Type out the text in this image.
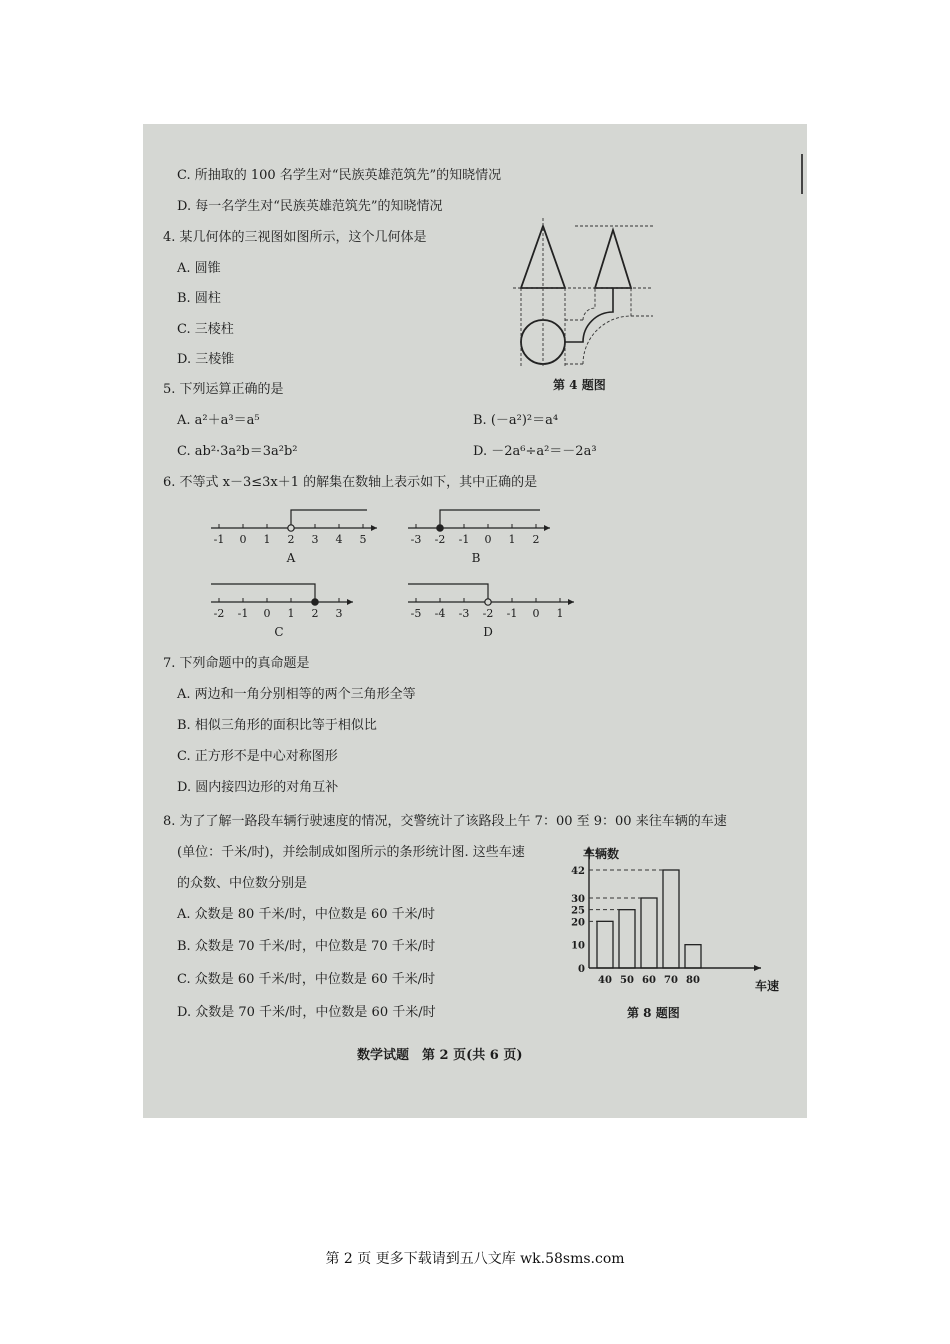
C. 所抽取的 100 名学生对“民族英雄范筑先”的知晓情况
D. 每一名学生对“民族英雄范筑先”的知晓情况
4. 某几何体的三视图如图所示，这个几何体是
A. 圆锥
B. 圆柱
C. 三棱柱
D. 三棱锥
第 4 题图
5. 下列运算正确的是
A. a²＋a³＝a⁵	B. (－a²)²＝a⁴
C. ab²·3a²b＝3a²b²	D. －2a⁶÷a²＝－2a³
6. 不等式 x－3≤3x＋1 的解集在数轴上表示如下，其中正确的是
-1 0 1 2 3 4 5
A
-3 -2 -1 0 1 2
B
-2 -1 0 1 2 3
C
-5 -4 -3 -2 -1 0 1
D
7. 下列命题中的真命题是
A. 两边和一角分别相等的两个三角形全等
B. 相似三角形的面积比等于相似比
C. 正方形不是中心对称图形
D. 圆内接四边形的对角互补
8. 为了了解一路段车辆行驶速度的情况，交警统计了该路段上午 7：00 至 9：00 来往车辆的车速
(单位：千米/时)，并绘制成如图所示的条形统计图. 这些车速
的众数、中位数分别是
A. 众数是 80 千米/时，中位数是 60 千米/时
B. 众数是 70 千米/时，中位数是 70 千米/时
C. 众数是 60 千米/时，中位数是 60 千米/时
D. 众数是 70 千米/时，中位数是 60 千米/时
车辆数
车速
0
10
20
25
30
42
40 50 60 70 80
第 8 题图
数学试题　第 2 页(共 6 页)
第 2 页 更多下载请到五八文库 wk.58sms.com
